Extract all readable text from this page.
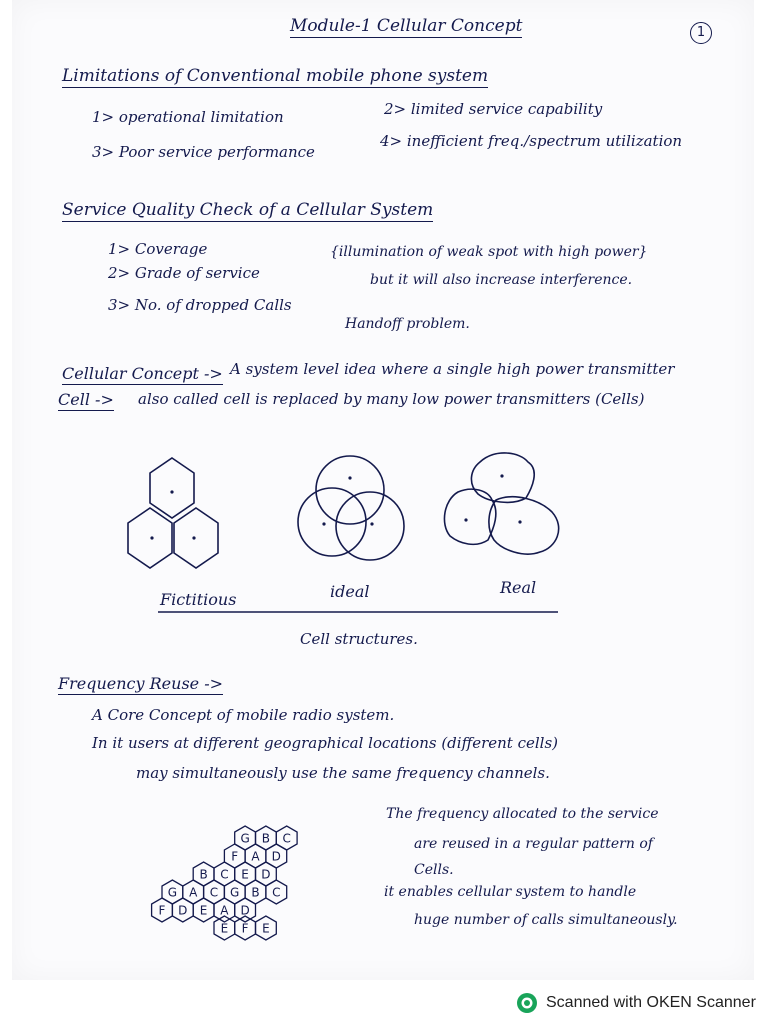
Module-1 Cellular Concept	1
Limitations of Conventional mobile phone system
1> operational limitation	2> limited service capability
3> Poor service performance
4> inefficient freq./spectrum utilization
Service Quality Check of a Cellular System
1> Coverage
2> Grade of service
3> No. of dropped Calls
{illumination of weak spot with high power}
but it will also increase interference.
Handoff problem.
Cellular Concept -> A system level idea where a single high power transmitter
Cell -> also called cell is replaced by many low power transmitters (Cells)
Fictitious	ideal	Real
Cell structures.
Frequency Reuse ->
A Core Concept of mobile radio system.
In it users at different geographical locations (different cells)
may simultaneously use the same frequency channels.
The frequency allocated to the service
are reused in a regular pattern of
Cells.
it enables cellular system to handle
huge number of calls simultaneously.
G B C
F A D
B C E D
G A C G B C
F D E A D
E F E
Scanned with OKEN Scanner
